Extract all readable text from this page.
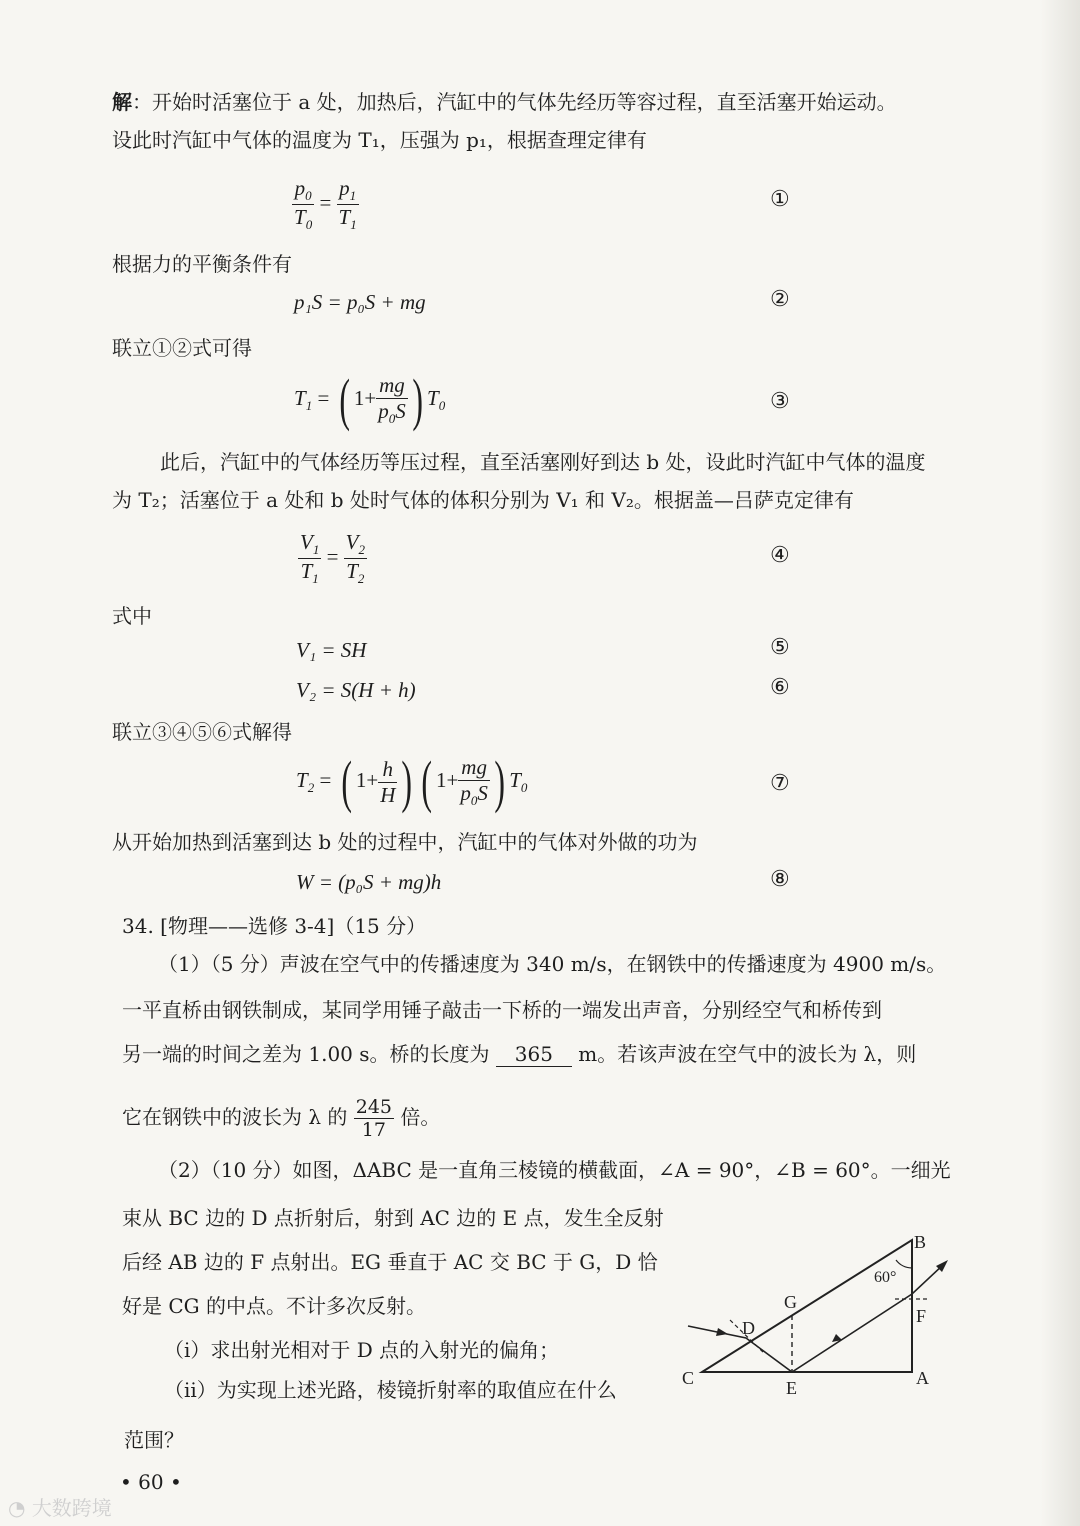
解：开始时活塞位于 a 处，加热后，汽缸中的气体先经历等容过程，直至活塞开始运动。
设此时汽缸中气体的温度为 T₁，压强为 p₁，根据查理定律有
$\frac{p_0}{T_0} = \frac{p_1}{T_1}$	①
根据力的平衡条件有
p₁S = p₀S + mg	②
联立①②式可得
$T_1$ = ( $1+ \frac{mg}{p_0S}$ ) $T_0$	③
此后，汽缸中的气体经历等压过程，直至活塞刚好到达 b 处，设此时汽缸中气体的温度
为 T₂；活塞位于 a 处和 b 处时气体的体积分别为 V₁ 和 V₂。根据盖—吕萨克定律有
$\frac{V_1}{T_1} = \frac{V_2}{T_2}$	④
式中
V₁ = SH	⑤
V₂ = S(H + h)	⑥
联立③④⑤⑥式解得
$T_2$ = ( $1+ \frac{h}{H}$ ) ( $1+ \frac{mg}{p_0S}$ ) $T_0$	⑦
从开始加热到活塞到达 b 处的过程中，汽缸中的气体对外做的功为
W = (p₀S + mg)h	⑧
34. [物理——选修 3-4]（15 分）
（1）（5 分）声波在空气中的传播速度为 340 m/s，在钢铁中的传播速度为 4900 m/s。
一平直桥由钢铁制成，某同学用锤子敲击一下桥的一端发出声音，分别经空气和桥传到
另一端的时间之差为 1.00 s。桥的长度为 365 m。若该声波在空气中的波长为 λ，则
它在钢铁中的波长为 λ 的 $\frac{245}{17}$ 倍。
（2）（10 分）如图，ΔABC 是一直角三棱镜的横截面，∠A = 90°，∠B = 60°。一细光
束从 BC 边的 D 点折射后，射到 AC 边的 E 点，发生全反射
后经 AB 边的 F 点射出。EG 垂直于 AC 交 BC 于 G，D 恰
好是 CG 的中点。不计多次反射。
（i）求出射光相对于 D 点的入射光的偏角；
（ii）为实现上述光路，棱镜折射率的取值应在什么
范围？
B
A
C
D
E
F
G
60°
• 60 •
◔ 大数跨境
